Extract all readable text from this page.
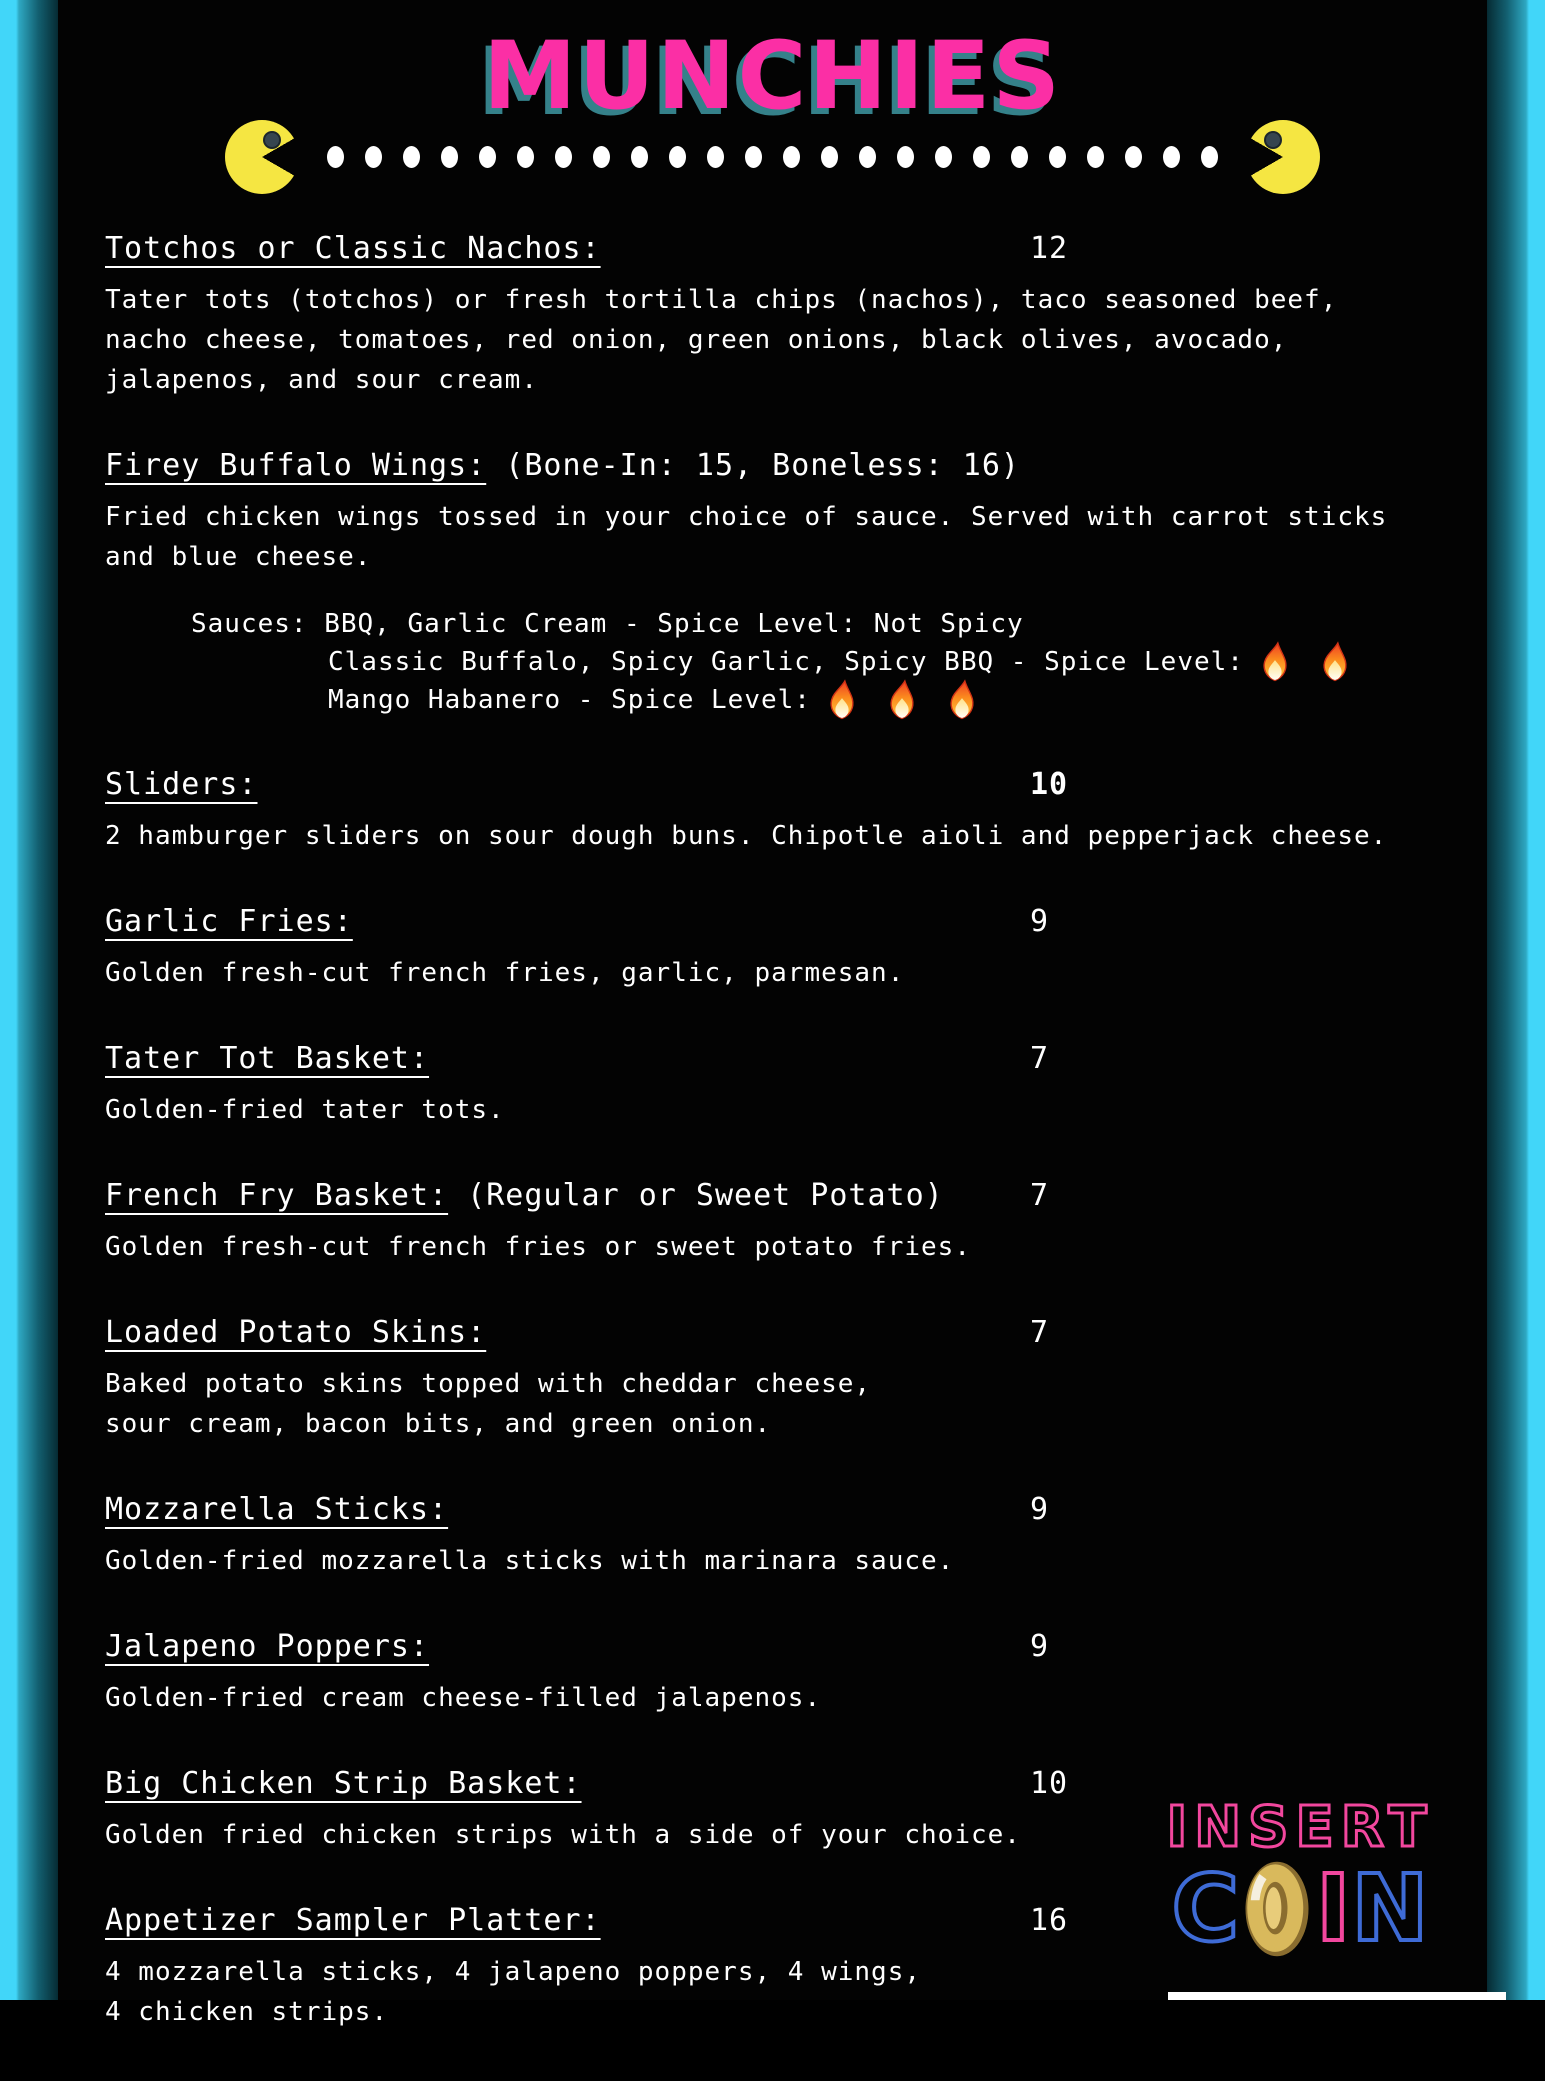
MUNCHIES
Totchos or Classic Nachos:	12
Tater tots (totchos) or fresh tortilla chips (nachos), taco seasoned beef,
nacho cheese, tomatoes, red onion, green onions, black olives, avocado,
jalapenos, and sour cream.
Firey Buffalo Wings: (Bone-In: 15, Boneless: 16)
Fried chicken wings tossed in your choice of sauce. Served with carrot sticks
and blue cheese.
Sauces: BBQ, Garlic Cream - Spice Level: Not Spicy
Classic Buffalo, Spicy Garlic, Spicy BBQ - Spice Level:
Mango Habanero - Spice Level:
Sliders:	10
2 hamburger sliders on sour dough buns. Chipotle aioli and pepperjack cheese.
Garlic Fries:	9
Golden fresh-cut french fries, garlic, parmesan.
Tater Tot Basket:	7
Golden-fried tater tots.
French Fry Basket: (Regular or Sweet Potato)	7
Golden fresh-cut french fries or sweet potato fries.
Loaded Potato Skins:	7
Baked potato skins topped with cheddar cheese,
sour cream, bacon bits, and green onion.
Mozzarella Sticks:	9
Golden-fried mozzarella sticks with marinara sauce.
Jalapeno Poppers:	9
Golden-fried cream cheese-filled jalapenos.
Big Chicken Strip Basket:	10
Golden fried chicken strips with a side of your choice.
Appetizer Sampler Platter:	16
4 mozzarella sticks, 4 jalapeno poppers, 4 wings,
4 chicken strips.
INSERT
C I N
